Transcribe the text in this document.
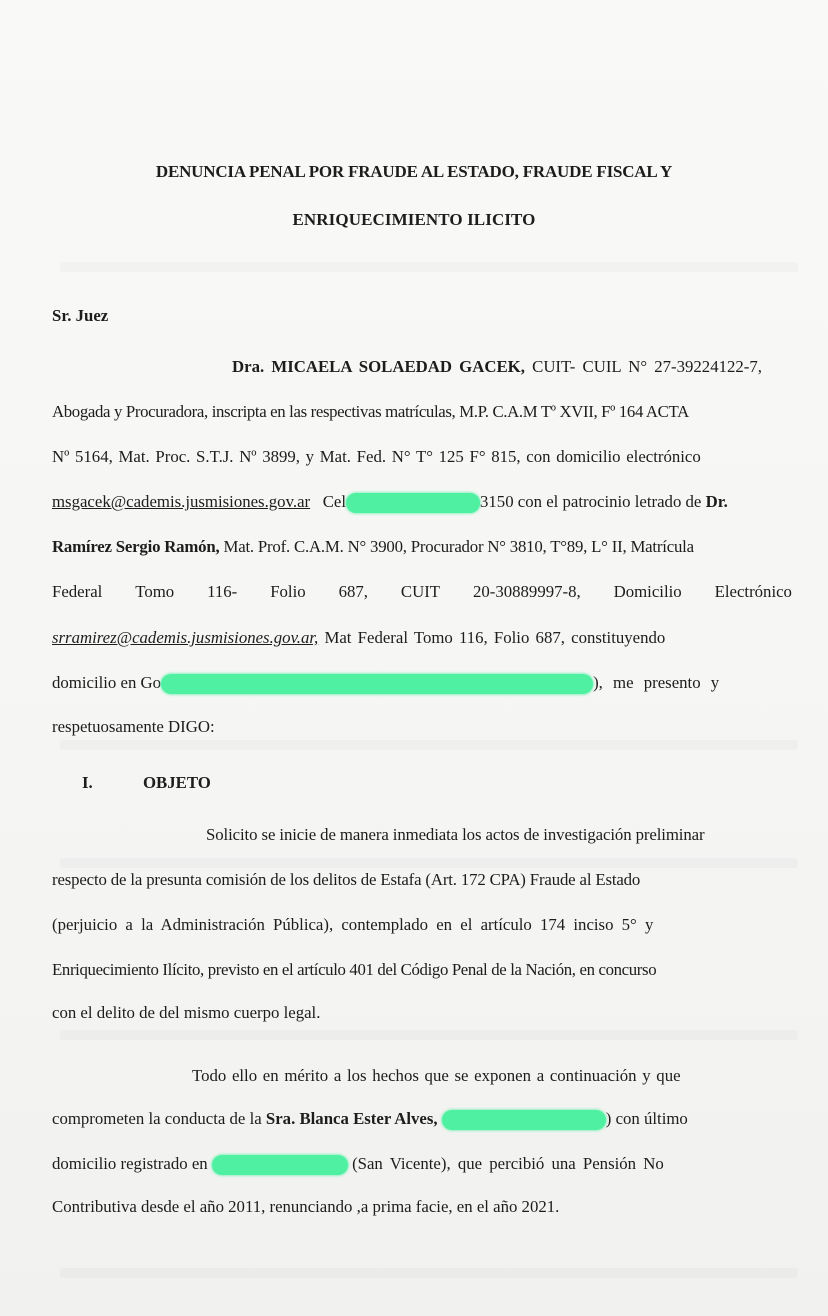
DENUNCIA PENAL POR FRAUDE AL ESTADO, FRAUDE FISCAL Y
ENRIQUECIMIENTO ILICITO
Sr. Juez
Dra. MICAELA SOLAEDAD GACEK, CUIT- CUIL N° 27-39224122-7,
Abogada y Procuradora, inscripta en las respectivas matrículas, M.P. C.A.M Tº XVII, Fº 164 ACTA
Nº 5164, Mat. Proc. S.T.J. Nº 3899, y Mat. Fed. N° T° 125 F° 815, con domicilio electrónico
msgacek@cademis.jusmisiones.gov.ar Cel	3150 con el patrocinio letrado de Dr.
Ramírez Sergio Ramón, Mat. Prof. C.A.M. N° 3900, Procurador N° 3810, T°89, L° II, Matrícula
Federal Tomo 116- Folio 687, CUIT 20-30889997-8, Domicilio Electrónico
srramirez@cademis.jusmisiones.gov.ar, Mat Federal Tomo 116, Folio 687, constituyendo
domicilio en Go	), me presento y
respetuosamente DIGO:
I.	OBJETO
Solicito se inicie de manera inmediata los actos de investigación preliminar
respecto de la presunta comisión de los delitos de Estafa (Art. 172 CPA) Fraude al Estado
(perjuicio a la Administración Pública), contemplado en el artículo 174 inciso 5° y
Enriquecimiento Ilícito, previsto en el artículo 401 del Código Penal de la Nación, en concurso
con el delito de del mismo cuerpo legal.
Todo ello en mérito a los hechos que se exponen a continuación y que
comprometen la conducta de la Sra. Blanca Ester Alves,	) con último
domicilio registrado en	(San Vicente), que percibió una Pensión No
Contributiva desde el año 2011, renunciando ,a prima facie, en el año 2021.
